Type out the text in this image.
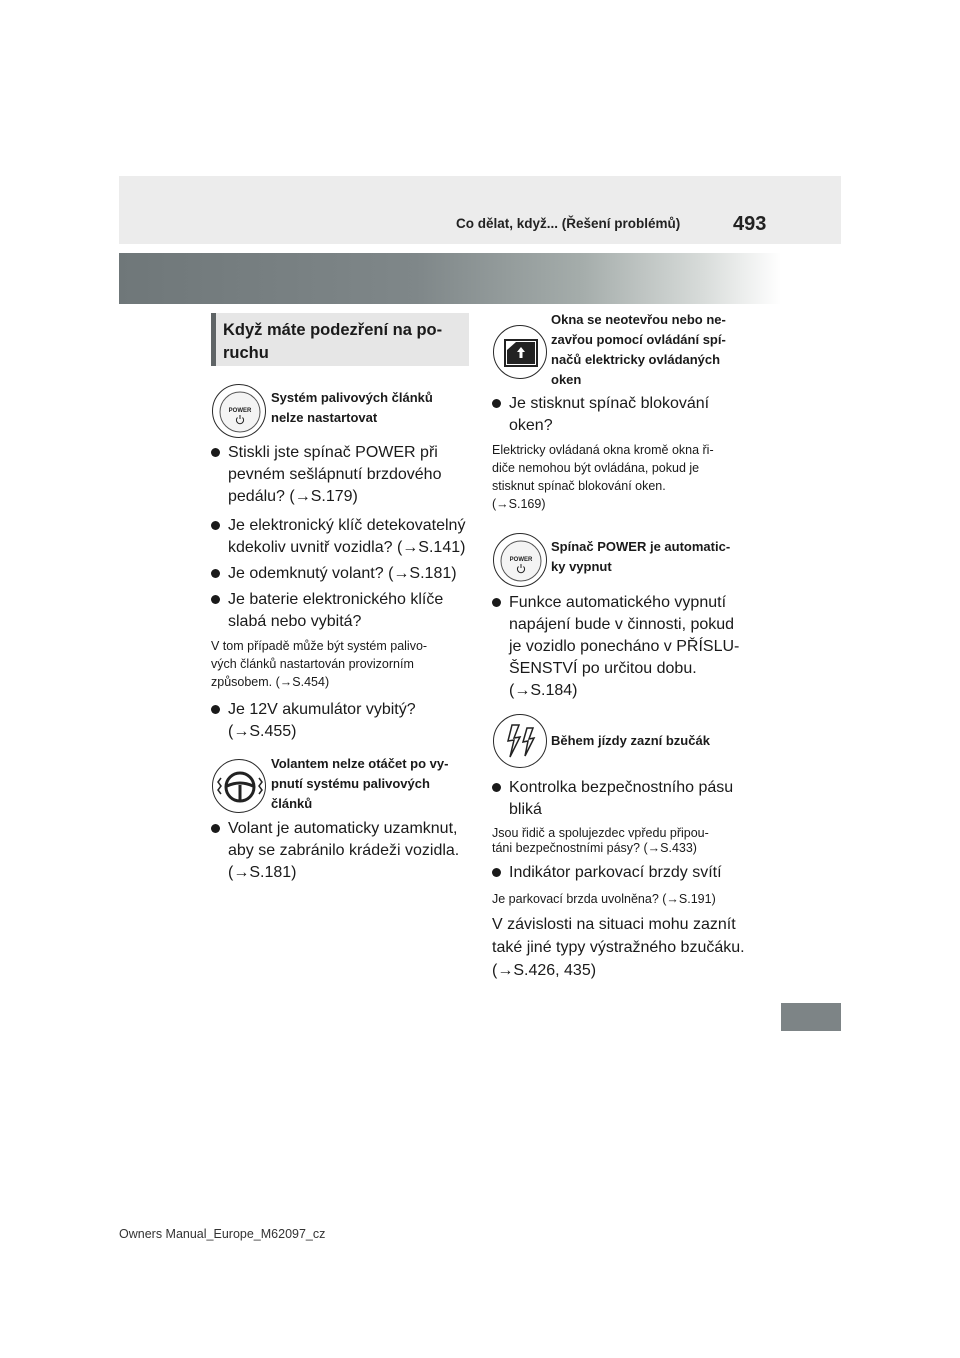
Co dělat, když... (Řešení problémů)	493
Když máte podezření na po-
ruchu
POWER
Systém palivových článků
nelze nastartovat
Stiskli jste spínač POWER při
pevném sešlápnutí brzdového
pedálu? (→S.179)
Je elektronický klíč detekovatelný
kdekoliv uvnitř vozidla? (→S.141)
Je odemknutý volant? (→S.181)
Je baterie elektronického klíče
slabá nebo vybitá?
V tom případě může být systém palivo-
vých článků nastartován provizorním
způsobem. (→S.454)
Je 12V akumulátor vybitý?
(→S.455)
Volantem nelze otáčet po vy-
pnutí systému palivových
článků
Volant je automaticky uzamknut,
aby se zabránilo krádeži vozidla.
(→S.181)
Okna se neotevřou nebo ne-
zavřou pomocí ovládání spí-
načů elektricky ovládaných
oken
Je stisknut spínač blokování
oken?
Elektricky ovládaná okna kromě okna ři-
diče nemohou být ovládána, pokud je
stisknut spínač blokování oken.
(→S.169)
POWER
Spínač POWER je automatic-
ky vypnut
Funkce automatického vypnutí
napájení bude v činnosti, pokud
je vozidlo ponecháno v PŘÍSLU-
ŠENSTVÍ po určitou dobu.
(→S.184)
Během jízdy zazní bzučák
Kontrolka bezpečnostního pásu
bliká
Jsou řidič a spolujezdec vpředu připou-
táni bezpečnostními pásy? (→S.433)
Indikátor parkovací brzdy svítí
Je parkovací brzda uvolněna? (→S.191)
V závislosti na situaci mohu zaznít
také jiné typy výstražného bzučáku.
(→S.426, 435)
Owners Manual_Europe_M62097_cz
